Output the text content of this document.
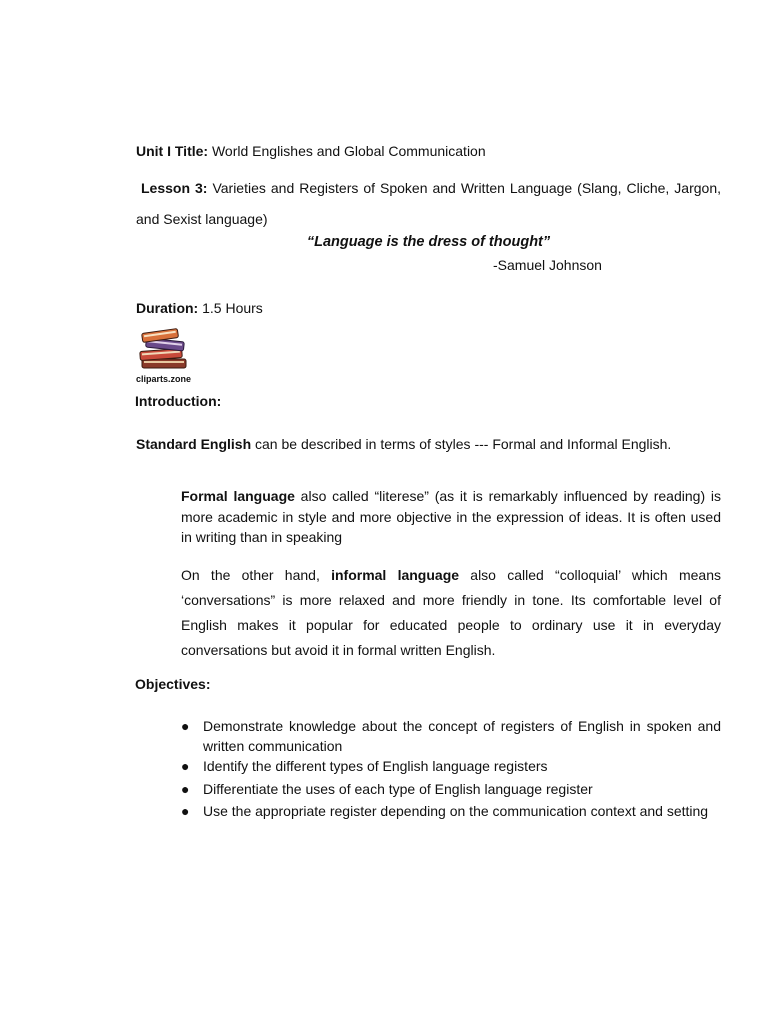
Unit I Title: World Englishes and Global Communication
Lesson 3: Varieties and Registers of Spoken and Written Language (Slang, Cliche, Jargon, and Sexist language)
“Language is the dress of thought”
-Samuel Johnson
Duration: 1.5 Hours
cliparts.zone
Introduction:
Standard English can be described in terms of styles --- Formal and Informal English.
Formal language also called “literese” (as it is remarkably influenced by reading) is more academic in style and more objective in the expression of ideas. It is often used in writing than in speaking
On the other hand, informal language also called “colloquial’ which means ‘conversations” is more relaxed and more friendly in tone. Its comfortable level of English makes it popular for educated people to ordinary use it in everyday conversations but avoid it in formal written English.
Objectives:
● Demonstrate knowledge about the concept of registers of English in spoken and written communication
● Identify the different types of English language registers
● Differentiate the uses of each type of English language register
● Use the appropriate register depending on the communication context and setting
